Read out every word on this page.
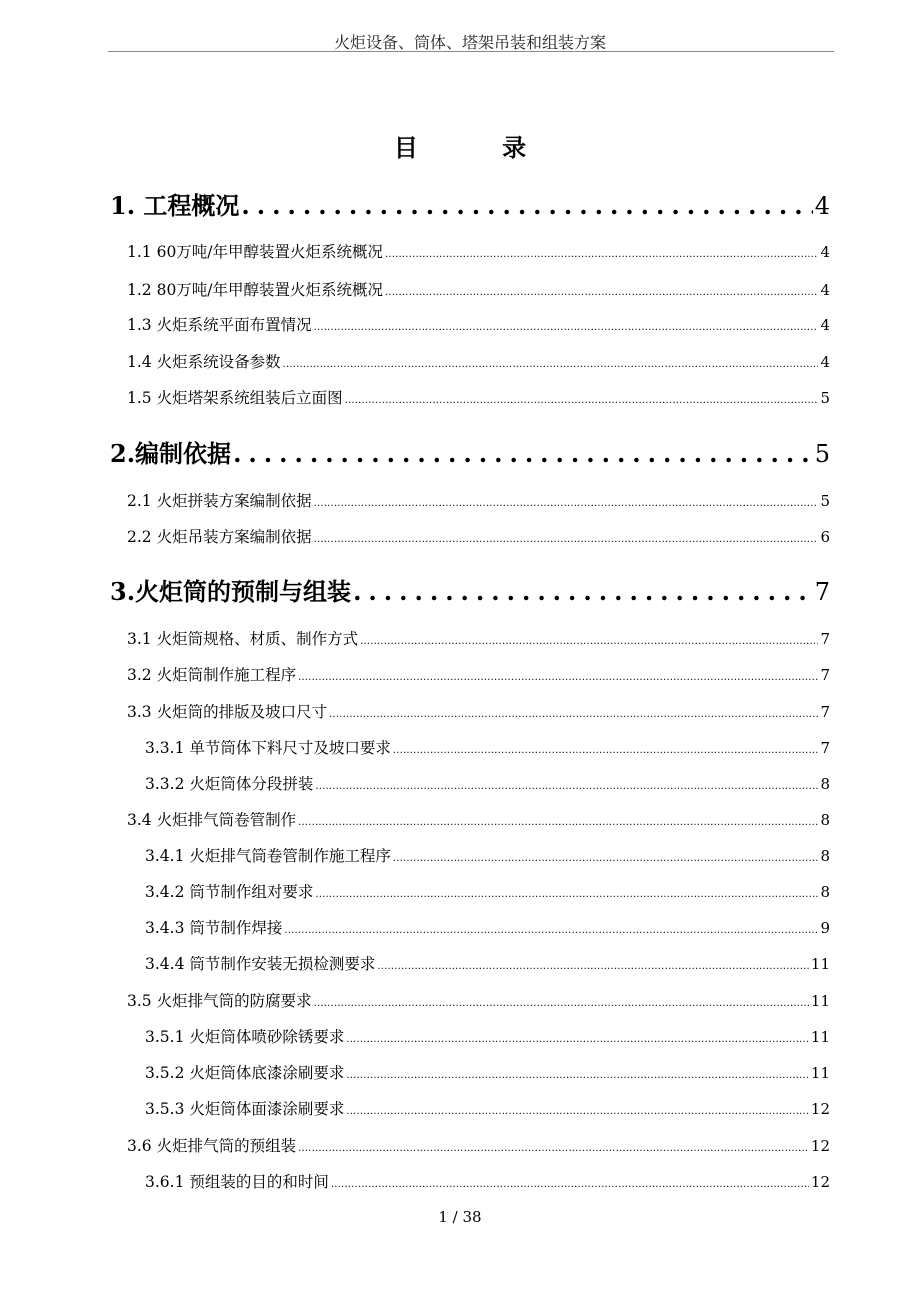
火炬设备、筒体、塔架吊装和组装方案
目 录
1. 工程概况 .....	4
1.1 60万吨/年甲醇装置火炬系统概况 .....	4
1.2 80万吨/年甲醇装置火炬系统概况 .....	4
1.3 火炬系统平面布置情况 .....	4
1.4 火炬系统设备参数 .....	4
1.5 火炬塔架系统组装后立面图 .....	5
2.编制依据 .....	5
2.1 火炬拼装方案编制依据 .....	5
2.2 火炬吊装方案编制依据 .....	6
3.火炬筒的预制与组装 .....	7
3.1 火炬筒规格、材质、制作方式 .....	7
3.2 火炬筒制作施工程序 .....	7
3.3 火炬筒的排版及坡口尺寸 .....	7
3.3.1 单节筒体下料尺寸及坡口要求 .....	7
3.3.2 火炬筒体分段拼装 .....	8
3.4 火炬排气筒卷管制作 .....	8
3.4.1 火炬排气筒卷管制作施工程序 .....	8
3.4.2 筒节制作组对要求 .....	8
3.4.3 筒节制作焊接 .....	9
3.4.4 筒节制作安装无损检测要求 .....	11
3.5 火炬排气筒的防腐要求 .....	11
3.5.1 火炬筒体喷砂除锈要求 .....	11
3.5.2 火炬筒体底漆涂刷要求 .....	11
3.5.3 火炬筒体面漆涂刷要求 .....	12
3.6 火炬排气筒的预组装 .....	12
3.6.1 预组装的目的和时间 .....	12
1 / 38
